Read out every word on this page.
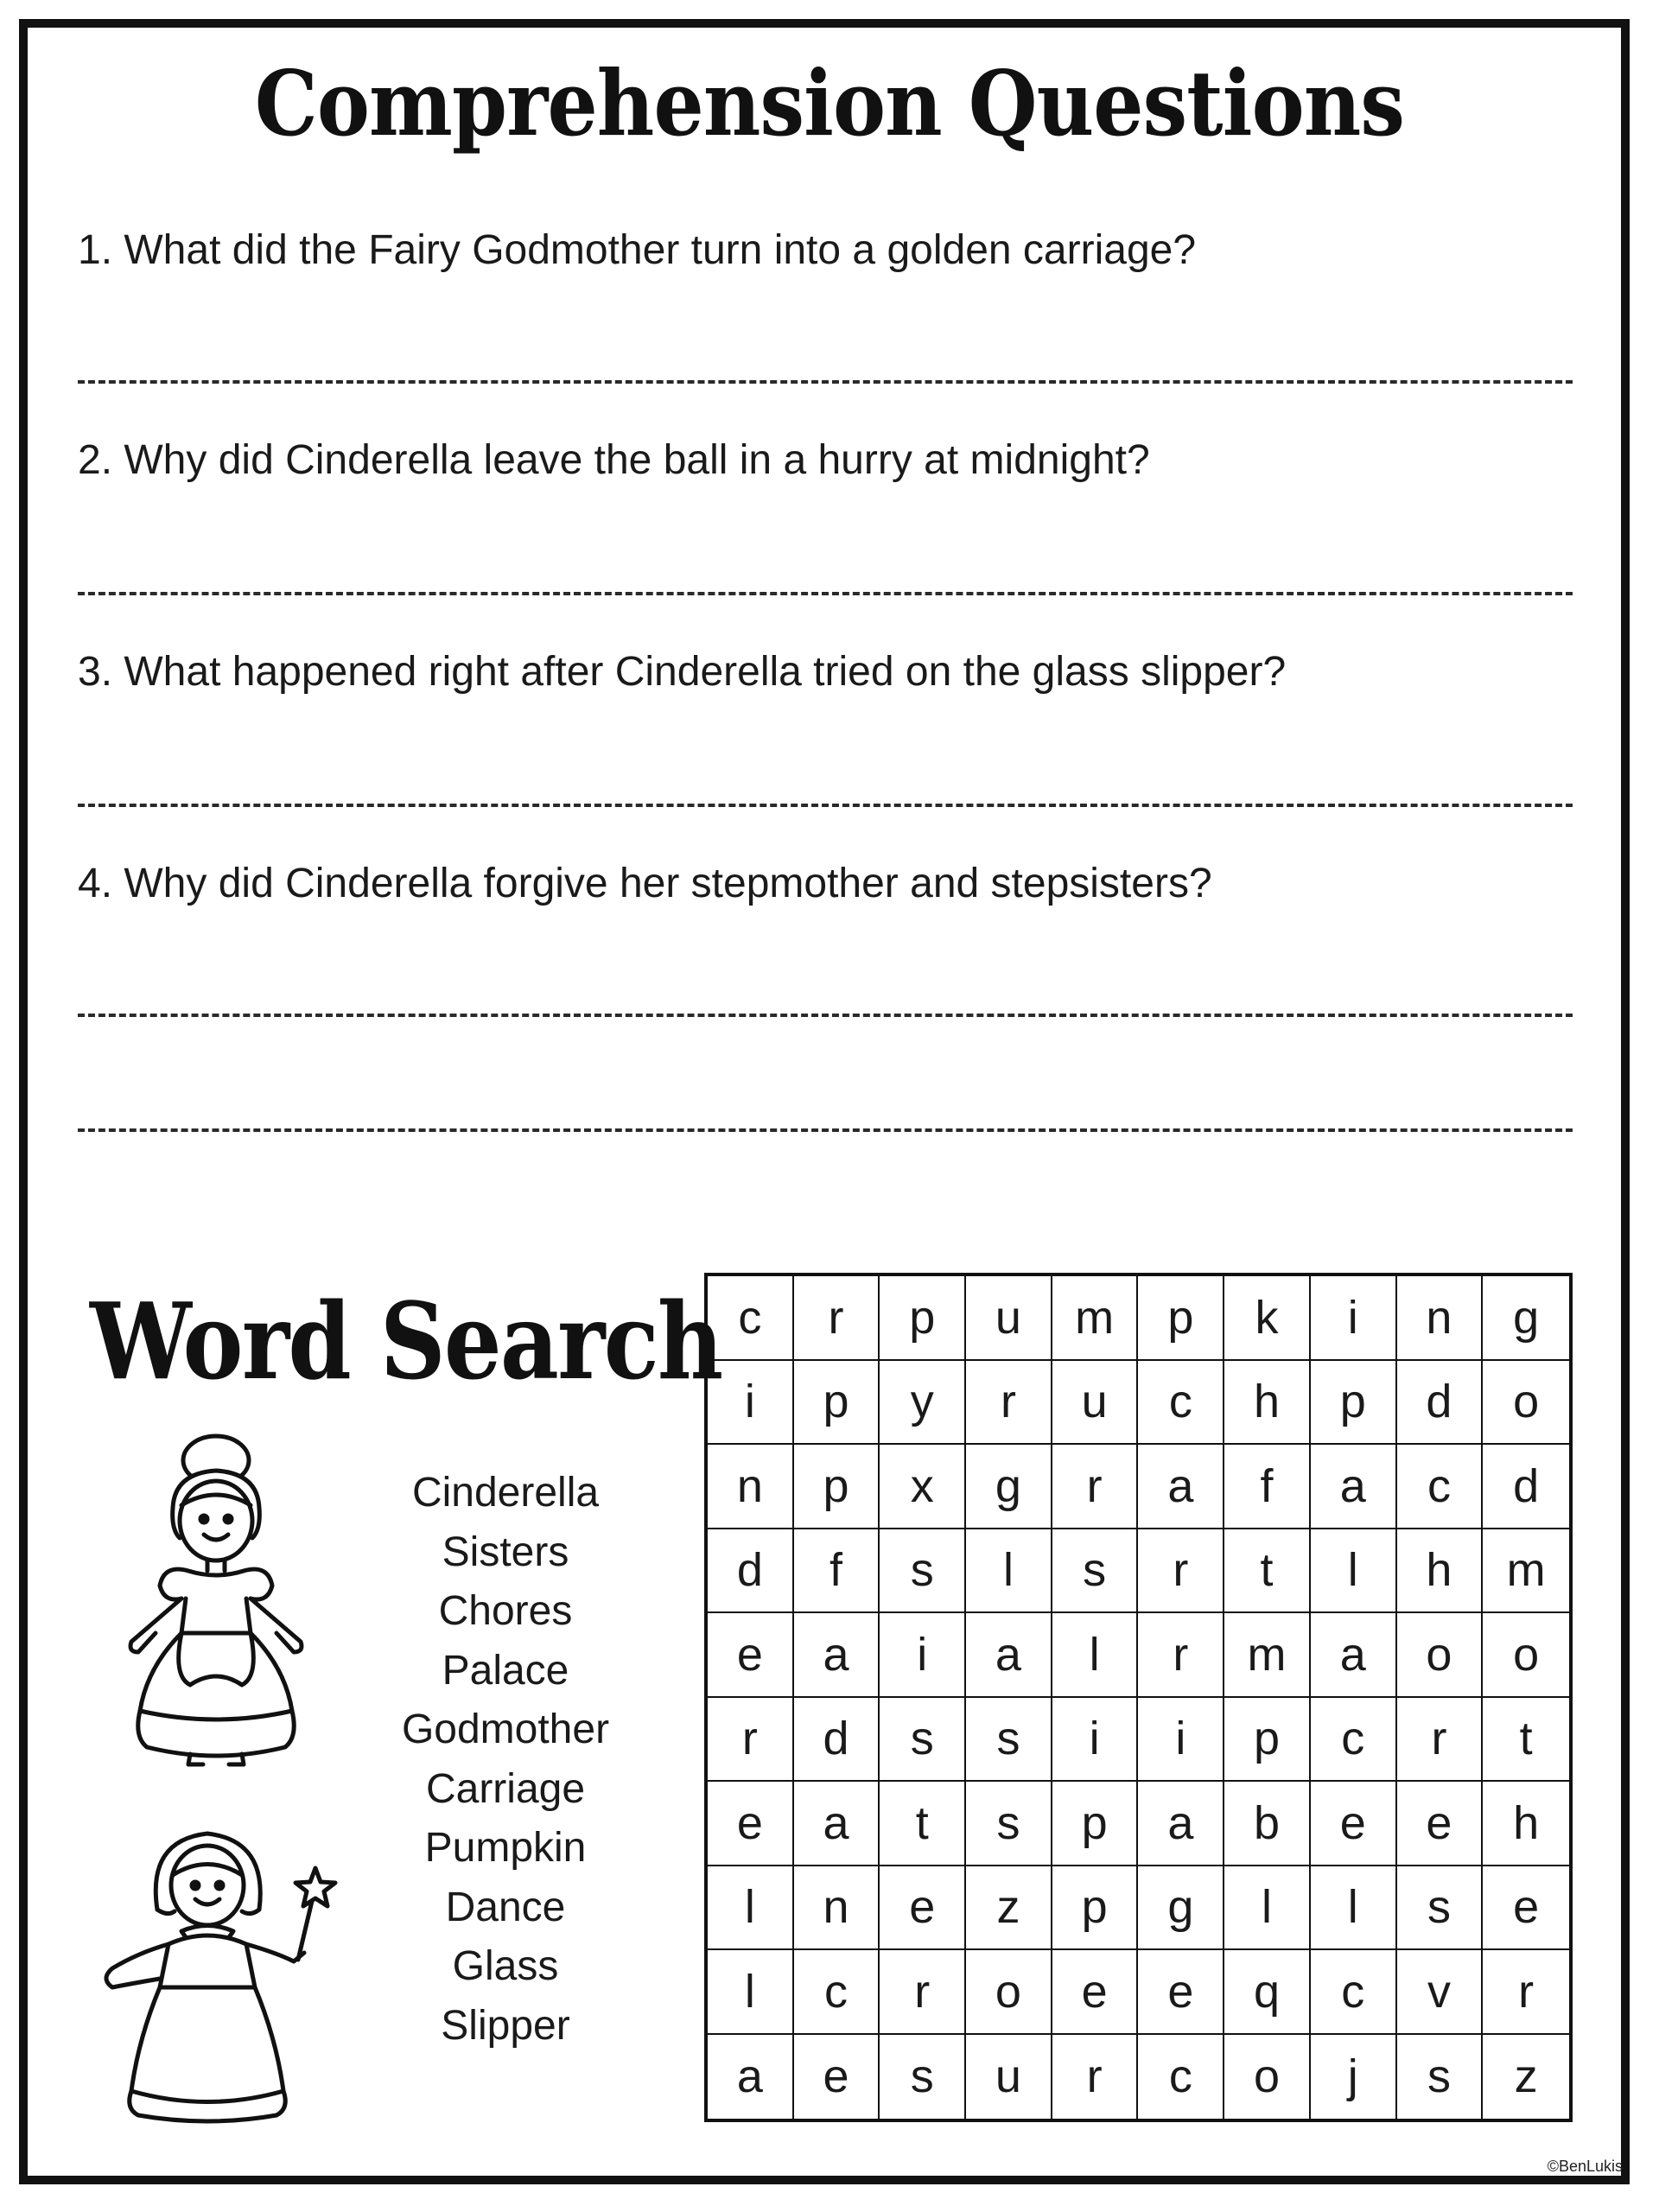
Comprehension Questions
1. What did the Fairy Godmother turn into a golden carriage?
2. Why did Cinderella leave the ball in a hurry at midnight?
3. What happened right after Cinderella tried on the glass slipper?
4. Why did Cinderella forgive her stepmother and stepsisters?
Word Search
Cinderella
Sisters
Chores
Palace
Godmother
Carriage
Pumpkin
Dance
Glass
Slipper
c	r	p	u	m	p	k	i	n	g
i	p	y	r	u	c	h	p	d	o
n	p	x	g	r	a	f	a	c	d
d	f	s	l	s	r	t	l	h	m
e	a	i	a	l	r	m	a	o	o
r	d	s	s	i	i	p	c	r	t
e	a	t	s	p	a	b	e	e	h
l	n	e	z	p	g	l	l	s	e
l	c	r	o	e	e	q	c	v	r
a	e	s	u	r	c	o	j	s	z
©BenLukis
